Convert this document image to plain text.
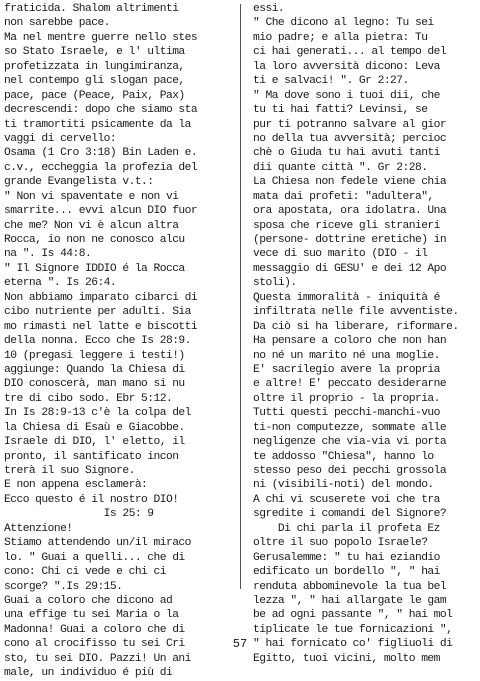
fraticida. Shalom altrimenti
non sarebbe pace.
Ma nel mentre guerre nello stes
so Stato Israele, e l' ultima
profetizzata in lungimiranza,
nel contempo gli slogan pace,
pace, pace (Peace, Paix, Pax)
decrescendi: dopo che siamo sta
ti tramortiti psicamente da la
vaggi di cervello:
Osama (1 Cro 3:18) Bin Laden e.
c.v., eccheggia la profezia del
grande Evangelista v.t.:
" Non vi spaventate e non vi
smarrite... evvi alcun DIO fuor
che me? Non vi è alcun altra
Rocca, io non ne conosco alcu
na ". Is 44:8.
" Il Signore IDDIO é la Rocca
eterna ". Is 26:4.
Non abbiamo imparato cibarci di
cibo nutriente per adulti. Sia
mo rimasti nel latte e biscotti
della nonna. Ecco che Is 28:9.
10 (pregasi leggere i testi!)
aggiunge: Quando la Chiesa di
DIO conoscerà, man mano si nu
tre di cibo sodo. Ebr 5:12.
In Is 28:9-13 c'è la colpa del
la Chiesa di Esaù e Giacobbe.
Israele di DIO, l' eletto, il
pronto, il santificato incon
trerà il suo Signore.
E non appena esclamerà:
Ecco questo é il nostro DIO!
Is 25: 9
Attenzione!
Stiamo attendendo un/il miraco
lo. " Guai a quelli... che di
cono: Chi ci vede e chi ci
scorge? ".Is 29:15.
Guai a coloro che dicono ad
una effige tu sei Maria o la
Madonna! Guai a coloro che di
cono al crocifisso tu sei Cri
sto, tu sei DIO. Pazzi! Un ani
male, un individuo é più di
essi.
" Che dicono al legno: Tu sei
mio padre; e alla pietra: Tu
ci hai generati... al tempo del
la loro avversità dicono: Leva
ti e salvaci! ". Gr 2:27.
" Ma dove sono i tuoi dii, che
tu ti hai fatti? Levinsi, se
pur ti potranno salvare al gior
no della tua avversità; percioc
chè o Giuda tu hai avuti tanti
dii quante città ". Gr 2:28.
La Chiesa non fedele viene chia
mata dai profeti: "adultera",
ora apostata, ora idolatra. Una
sposa che riceve gli stranieri
(persone- dottrine eretiche) in
vece di suo marito (DIO - il
messaggio di GESU' e dei 12 Apo
stoli).
Questa immoralità - iniquità é
infiltrata nelle file avventiste.
Da ciò si ha liberare, riformare.
Ha pensare a coloro che non han
no né un marito né una moglie.
E' sacrilegio avere la propria
e altre! E' peccato desiderarne
oltre il proprio - la propria.
Tutti questi pecchi-manchi-vuo
ti-non computezze, sommate alle
negligenze che via-via vi porta
te addosso "Chiesa", hanno lo
stesso peso dei pecchi grossola
ni (visibili-noti) del mondo.
A chi vi scuserete voi che tra
sgredite i comandi del Signore?
Di chi parla il profeta Ez
oltre il suo popolo Israele?
Gerusalemme: " tu hai eziandio
edificato un bordello ", " hai
renduta abbominevole la tua bel
lezza ", " hai allargate le gam
be ad ogni passante ", " hai mol
tiplicate le tue fornicazioni ",
" hai fornicato co' figliuoli di
Egitto, tuoi vicini, molto mem
57
